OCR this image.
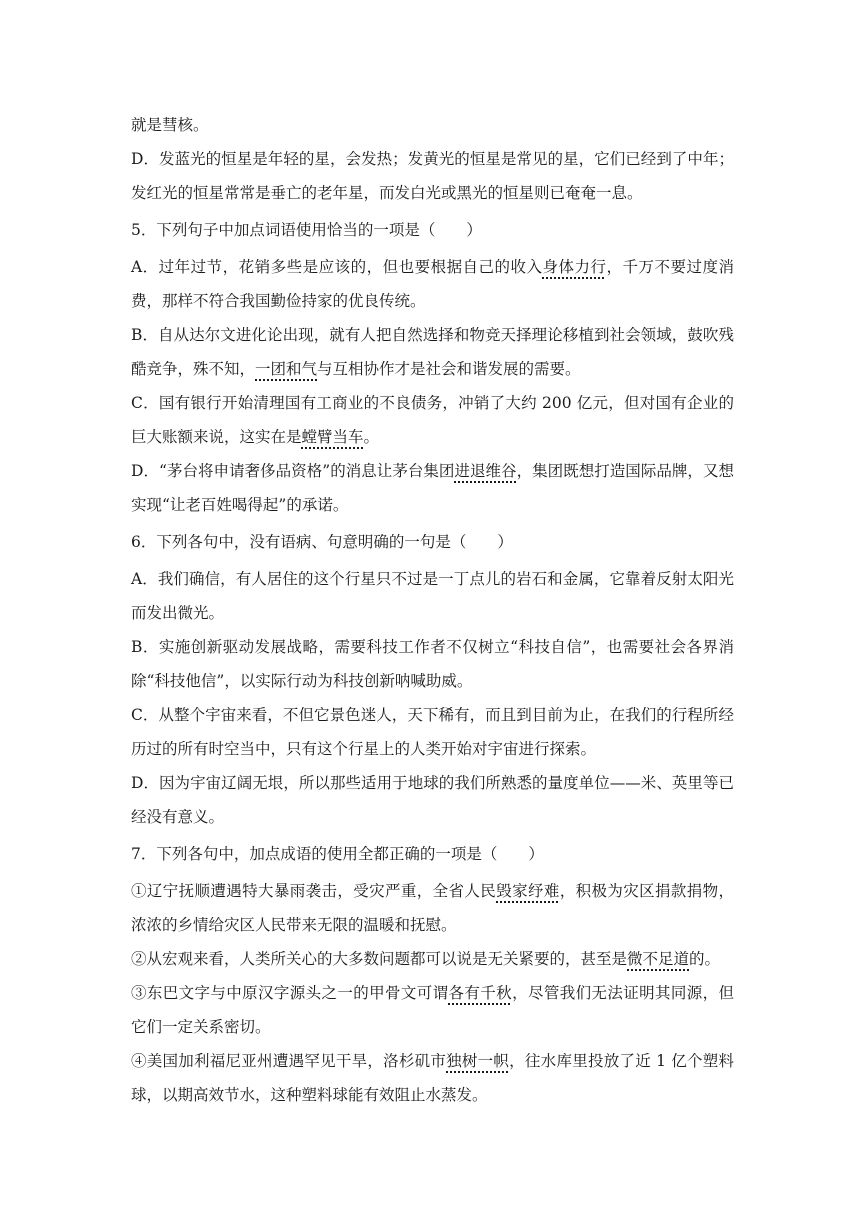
就是彗核。

D．发蓝光的恒星是年轻的星，会发热；发黄光的恒星是常见的星，它们已经到了中年；发红光的恒星常常是垂亡的老年星，而发白光或黑光的恒星则已奄奄一息。

5．下列句子中加点词语使用恰当的一项是（　　）

A．过年过节，花销多些是应该的，但也要根据自己的收入身体力行，千万不要过度消费，那样不符合我国勤俭持家的优良传统。

B．自从达尔文进化论出现，就有人把自然选择和物竞天择理论移植到社会领域，鼓吹残酷竞争，殊不知，一团和气与互相协作才是社会和谐发展的需要。

C．国有银行开始清理国有工商业的不良债务，冲销了大约 200 亿元，但对国有企业的巨大账额来说，这实在是螳臂当车。

D．“茅台将申请奢侈品资格”的消息让茅台集团进退维谷，集团既想打造国际品牌，又想实现“让老百姓喝得起”的承诺。

6．下列各句中，没有语病、句意明确的一句是（　　）

A．我们确信，有人居住的这个行星只不过是一丁点儿的岩石和金属，它靠着反射太阳光而发出微光。

B．实施创新驱动发展战略，需要科技工作者不仅树立“科技自信”，也需要社会各界消除“科技他信”，以实际行动为科技创新呐喊助威。

C．从整个宇宙来看，不但它景色迷人，天下稀有，而且到目前为止，在我们的行程所经历过的所有时空当中，只有这个行星上的人类开始对宇宙进行探索。

D．因为宇宙辽阔无垠，所以那些适用于地球的我们所熟悉的量度单位——米、英里等已经没有意义。

7．下列各句中，加点成语的使用全都正确的一项是（　　）

①辽宁抚顺遭遇特大暴雨袭击，受灾严重，全省人民毁家纾难，积极为灾区捐款捐物，浓浓的乡情给灾区人民带来无限的温暖和抚慰。

②从宏观来看，人类所关心的大多数问题都可以说是无关紧要的，甚至是微不足道的。

③东巴文字与中原汉字源头之一的甲骨文可谓各有千秋，尽管我们无法证明其同源，但它们一定关系密切。

④美国加利福尼亚州遭遇罕见干旱，洛杉矶市独树一帜，往水库里投放了近 1 亿个塑料球，以期高效节水，这种塑料球能有效阻止水蒸发。
